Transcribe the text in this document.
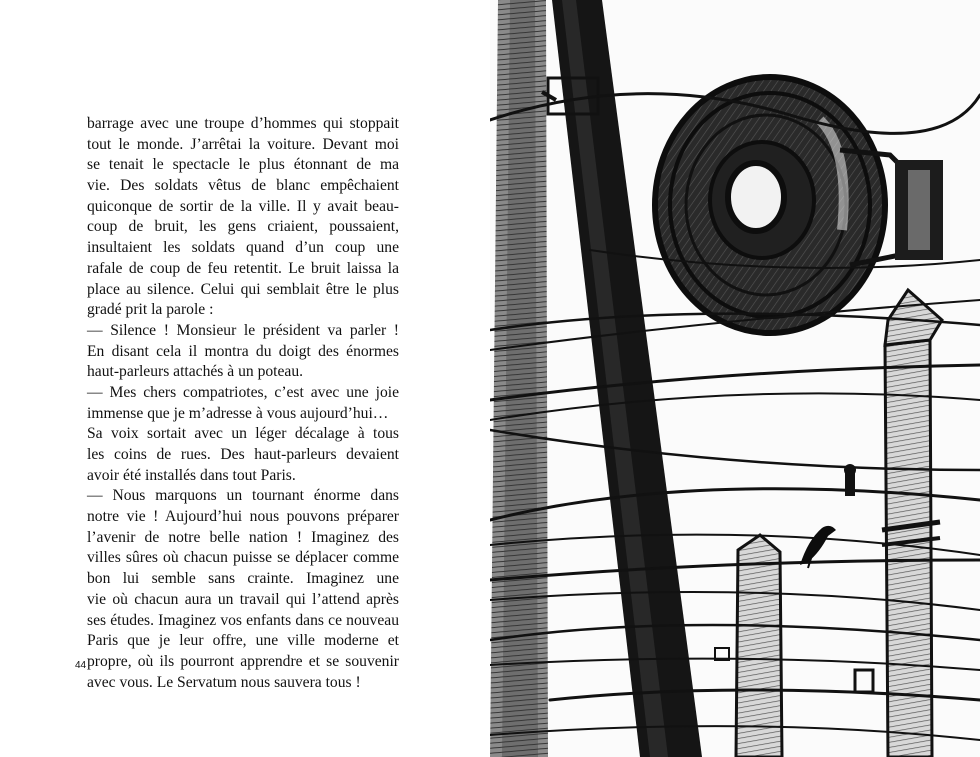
barrage avec une troupe d’hommes qui stoppait
tout le monde. J’arrêtai la voiture. Devant moi
se tenait le spectacle le plus étonnant de ma
vie. Des soldats vêtus de blanc empêchaient
quiconque de sortir de la ville. Il y avait beau-
coup de bruit, les gens criaient, poussaient,
insultaient les soldats quand d’un coup une
rafale de coup de feu retentit. Le bruit laissa la
place au silence. Celui qui semblait être le plus
gradé prit la parole :
— Silence ! Monsieur le président va parler !
En disant cela il montra du doigt des énormes
haut-parleurs attachés à un poteau.
— Mes chers compatriotes, c’est avec une joie
immense que je m’adresse à vous aujourd’hui…
Sa voix sortait avec un léger décalage à tous
les coins de rues. Des haut-parleurs devaient
avoir été installés dans tout Paris.
— Nous marquons un tournant énorme dans
notre vie ! Aujourd’hui nous pouvons préparer
l’avenir de notre belle nation ! Imaginez des
villes sûres où chacun puisse se déplacer comme
bon lui semble sans crainte. Imaginez une
vie où chacun aura un travail qui l’attend après
ses études. Imaginez vos enfants dans ce nouveau
Paris que je leur offre, une ville moderne et
propre, où ils pourront apprendre et se souvenir
avec vous. Le Servatum nous sauvera tous !
44
